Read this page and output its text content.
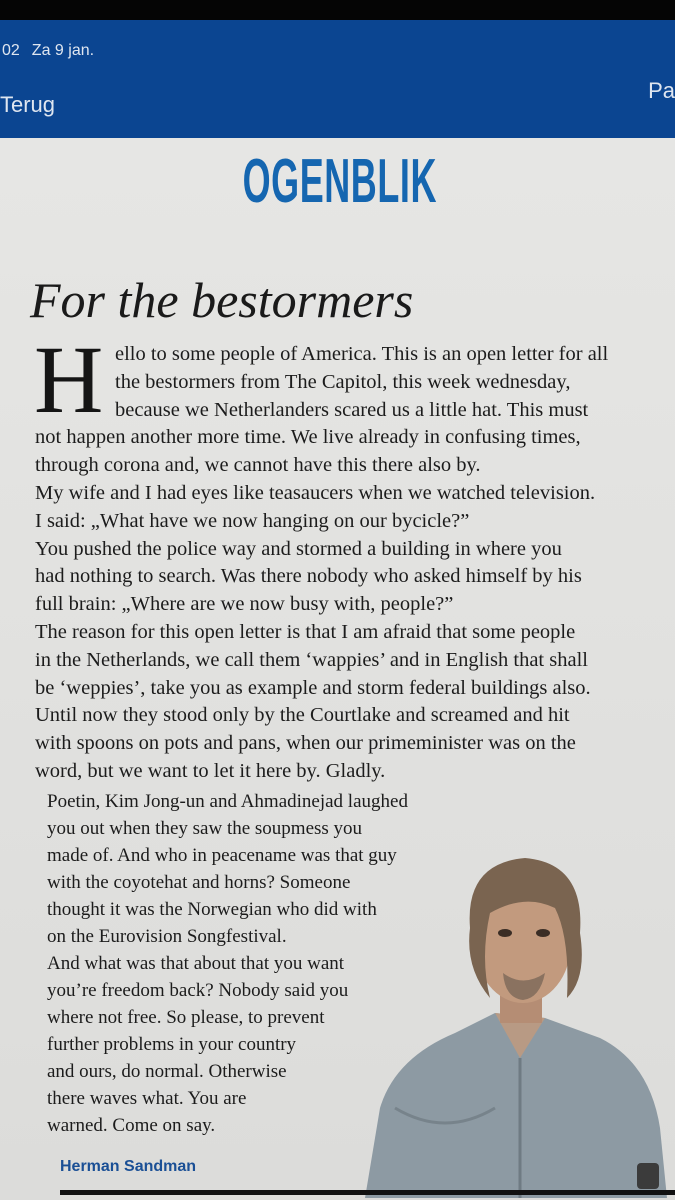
02 Za 9 jan.
Terug
Pa
OGENBLIK
For the bestormers
H ello to some people of America. This is an open letter for all
the bestormers from The Capitol, this week wednesday,
because we Netherlanders scared us a little hat. This must
not happen another more time. We live already in confusing times,
through corona and, we cannot have this there also by.
My wife and I had eyes like teasaucers when we watched television.
I said: „What have we now hanging on our bycicle?”
You pushed the police way and stormed a building in where you
had nothing to search. Was there nobody who asked himself by his
full brain: „Where are we now busy with, people?”
The reason for this open letter is that I am afraid that some people
in the Netherlands, we call them ‘wappies’ and in English that shall
be ‘weppies’, take you as example and storm federal buildings also.
Until now they stood only by the Courtlake and screamed and hit
with spoons on pots and pans, when our primeminister was on the
word, but we want to let it here by. Gladly.
Poetin, Kim Jong-un and Ahmadinejad laughed
you out when they saw the soupmess you
made of. And who in peacename was that guy
with the coyotehat and horns? Someone
thought it was the Norwegian who did with
on the Eurovision Songfestival.
And what was that about that you want
you’re freedom back? Nobody said you
where not free. So please, to prevent
further problems in your country
and ours, do normal. Otherwise
there waves what. You are
warned. Come on say.
Herman Sandman
